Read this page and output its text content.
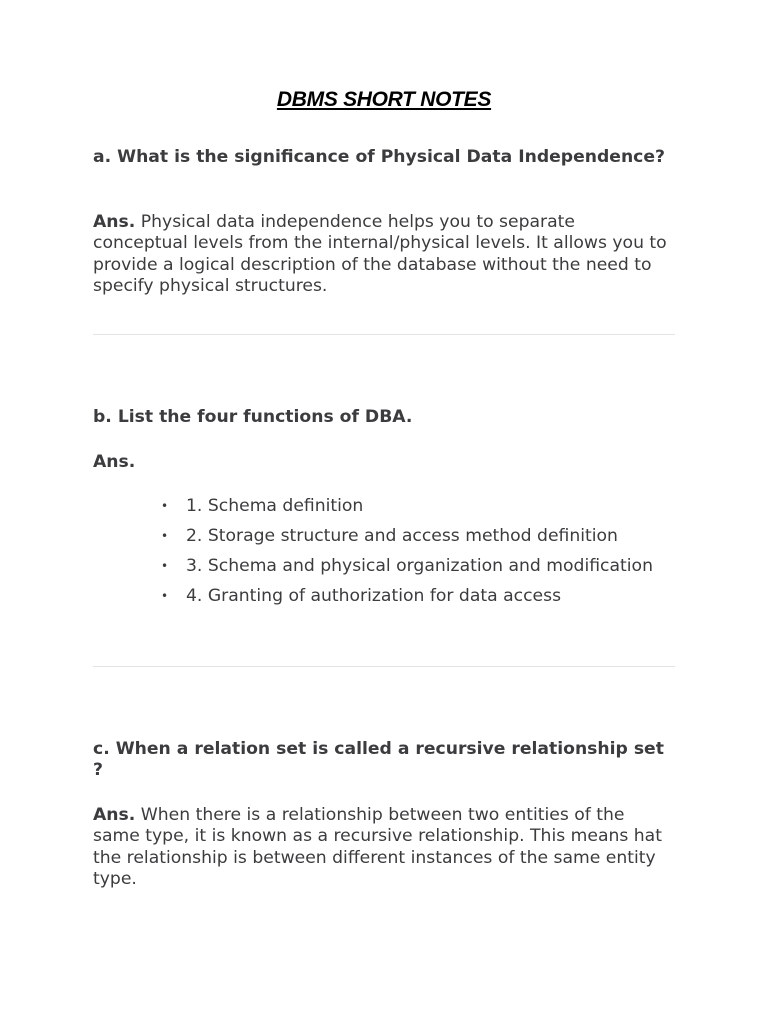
DBMS SHORT NOTES

a. What is the significance of Physical Data Independence?

Ans. Physical data independence helps you to separate conceptual levels from the internal/physical levels. It allows you to provide a logical description of the database without the need to specify physical structures.

b. List the four functions of DBA.

Ans.

• 1. Schema definition
• 2. Storage structure and access method definition
• 3. Schema and physical organization and modification
• 4. Granting of authorization for data access

c. When a relation set is called a recursive relationship set ?

Ans. When there is a relationship between two entities of the same type, it is known as a recursive relationship. This means hat the relationship is between different instances of the same entity type.
